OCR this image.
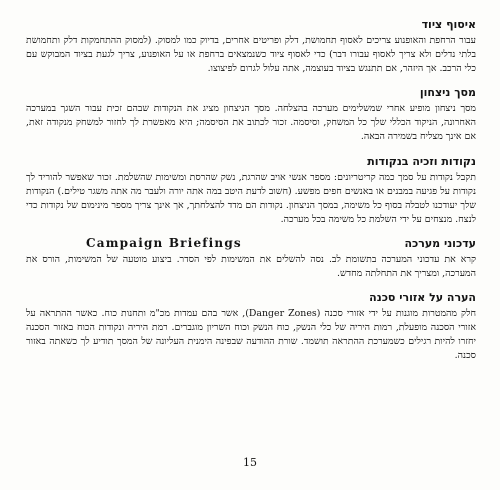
איסוף ציוד

עבור הרחפת והאופנוע צריכים לאסוף תחמושת, דלק ופריטים אחרים, בדיוק כמו למסוק. (למסוק ההתחמקות דלק ותחמושת בלתי נדלים ולא צריך לאסוף עבורו דבר) כדי לאסוף ציוד כשנמצאים ברחפת או על האופנוע, צריך לגעת בציוד המבוקש עם כלי הרכב. אך היזהר, אם תתנגש בציוד בעוצמה, אתה עלול לגרום לפיצוצו.

מסך ניצחון

מסך ניצחון מופיע אחרי שמשלימים מערכה בהצלחה. מסך הניצחון מציג את הנקודות שבהם זכית עבור השגך במערכה האחרונה, הניקוד הכללי שלך כל המשחק, וסיסמה. זכור לכתוב את הסיסמה; היא מאפשרת לך לחזור למשחק מנקודה זאת, אם אינך מצליח בשמירה הבאה.

נקודות וזכיה בנקודות

תקבל נקודות על סמך כמה קריטריונים: מספר אנשי אויב שהרגת, נשק שהרסת ומשימות שהשלמת. זכור שאפשר להוריד לך נקודות על פגיעה במבנים או באנשים חפים מפשע. (חשוב לדעת היטב במה אתה יורה ולעבר מה אתה משגר טילים.) הנקודות שלך יעודכנו לטבלה בסוף כל משימה, במסך הניצחון. נקודות הם מדד להצלחתך, אך אינך צריך מספר מינימום של נקודות כדי לנצח. מנצחים על ידי השלמת כל משימה בכל מערכה.

עדכוני מערכה
Campaign Briefings

קרא את עדכוני המערכה בתשומת לב. נסה להשלים את המשימות לפי הסדר. ביצוע מוטעה של המשימות, הורס את המערכה, ומצריך את התחלתה מחדש.

הערה על אזורי סכנה

חלק מהמטרות מוגנות על ידי אזורי סכנה (Danger Zones), אשר בהם עמדות מכ"מ ותחנות כוח. כאשר ההתראה על אזורי הסכנה מופעלת, רמות היריה של כלי הנשק, כוח הנשק וכוח השריון מוגברים. רמת היריה ונקודות הכוח באזור הסכנה יחזרו להיות רגילים כשמערכת ההתראה תושמד. שורת ההודעה שבפינה הימנית העליונה של המסך תודיע לך כשאתה באזור סכנה.

15
